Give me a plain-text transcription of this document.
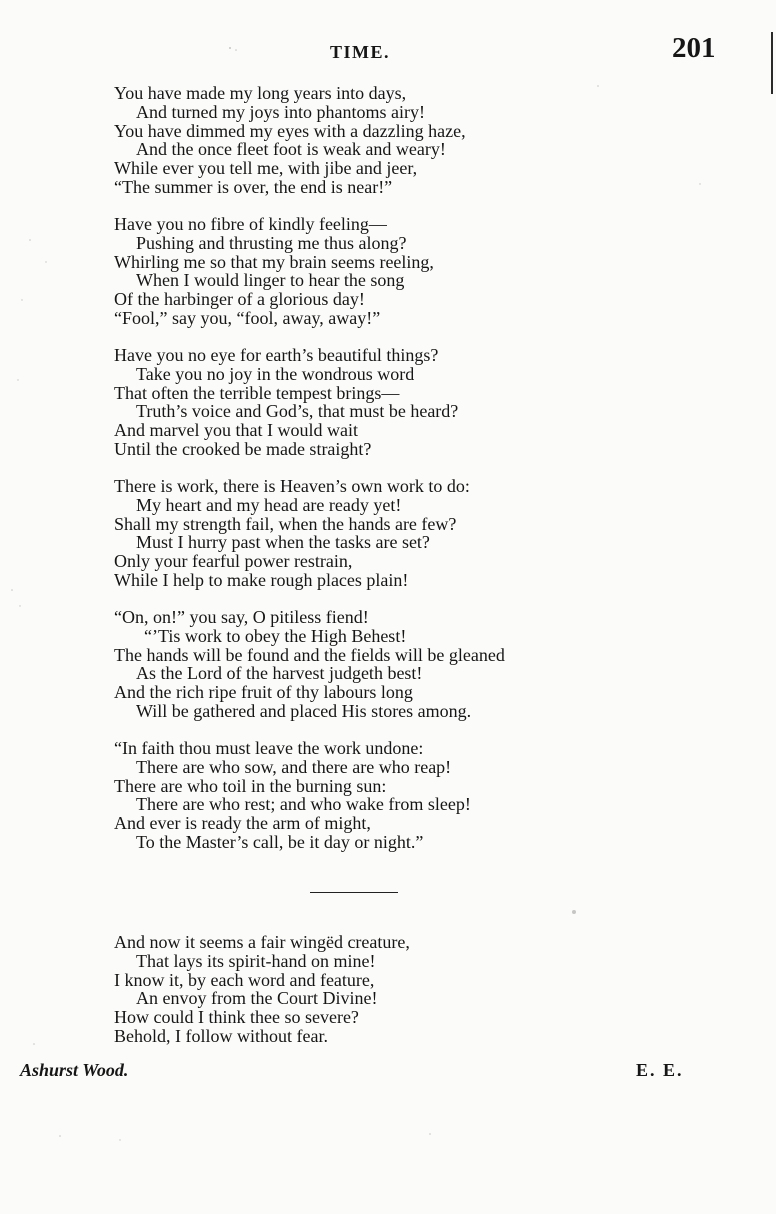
TIME.	201
You have made my long years into days,
And turned my joys into phantoms airy!
You have dimmed my eyes with a dazzling haze,
And the once fleet foot is weak and weary!
While ever you tell me, with jibe and jeer,
“The summer is over, the end is near!”
Have you no fibre of kindly feeling—
Pushing and thrusting me thus along?
Whirling me so that my brain seems reeling,
When I would linger to hear the song
Of the harbinger of a glorious day!
“Fool,” say you, “fool, away, away!”
Have you no eye for earth’s beautiful things?
Take you no joy in the wondrous word
That often the terrible tempest brings—
Truth’s voice and God’s, that must be heard?
And marvel you that I would wait
Until the crooked be made straight?
There is work, there is Heaven’s own work to do:
My heart and my head are ready yet!
Shall my strength fail, when the hands are few?
Must I hurry past when the tasks are set?
Only your fearful power restrain,
While I help to make rough places plain!
“On, on!” you say, O pitiless fiend!
“’Tis work to obey the High Behest!
The hands will be found and the fields will be gleaned
As the Lord of the harvest judgeth best!
And the rich ripe fruit of thy labours long
Will be gathered and placed His stores among.
“In faith thou must leave the work undone:
There are who sow, and there are who reap!
There are who toil in the burning sun:
There are who rest; and who wake from sleep!
And ever is ready the arm of might,
To the Master’s call, be it day or night.”
And now it seems a fair wingëd creature,
That lays its spirit-hand on mine!
I know it, by each word and feature,
An envoy from the Court Divine!
How could I think thee so severe?
Behold, I follow without fear.
Ashurst Wood.	E. E.
